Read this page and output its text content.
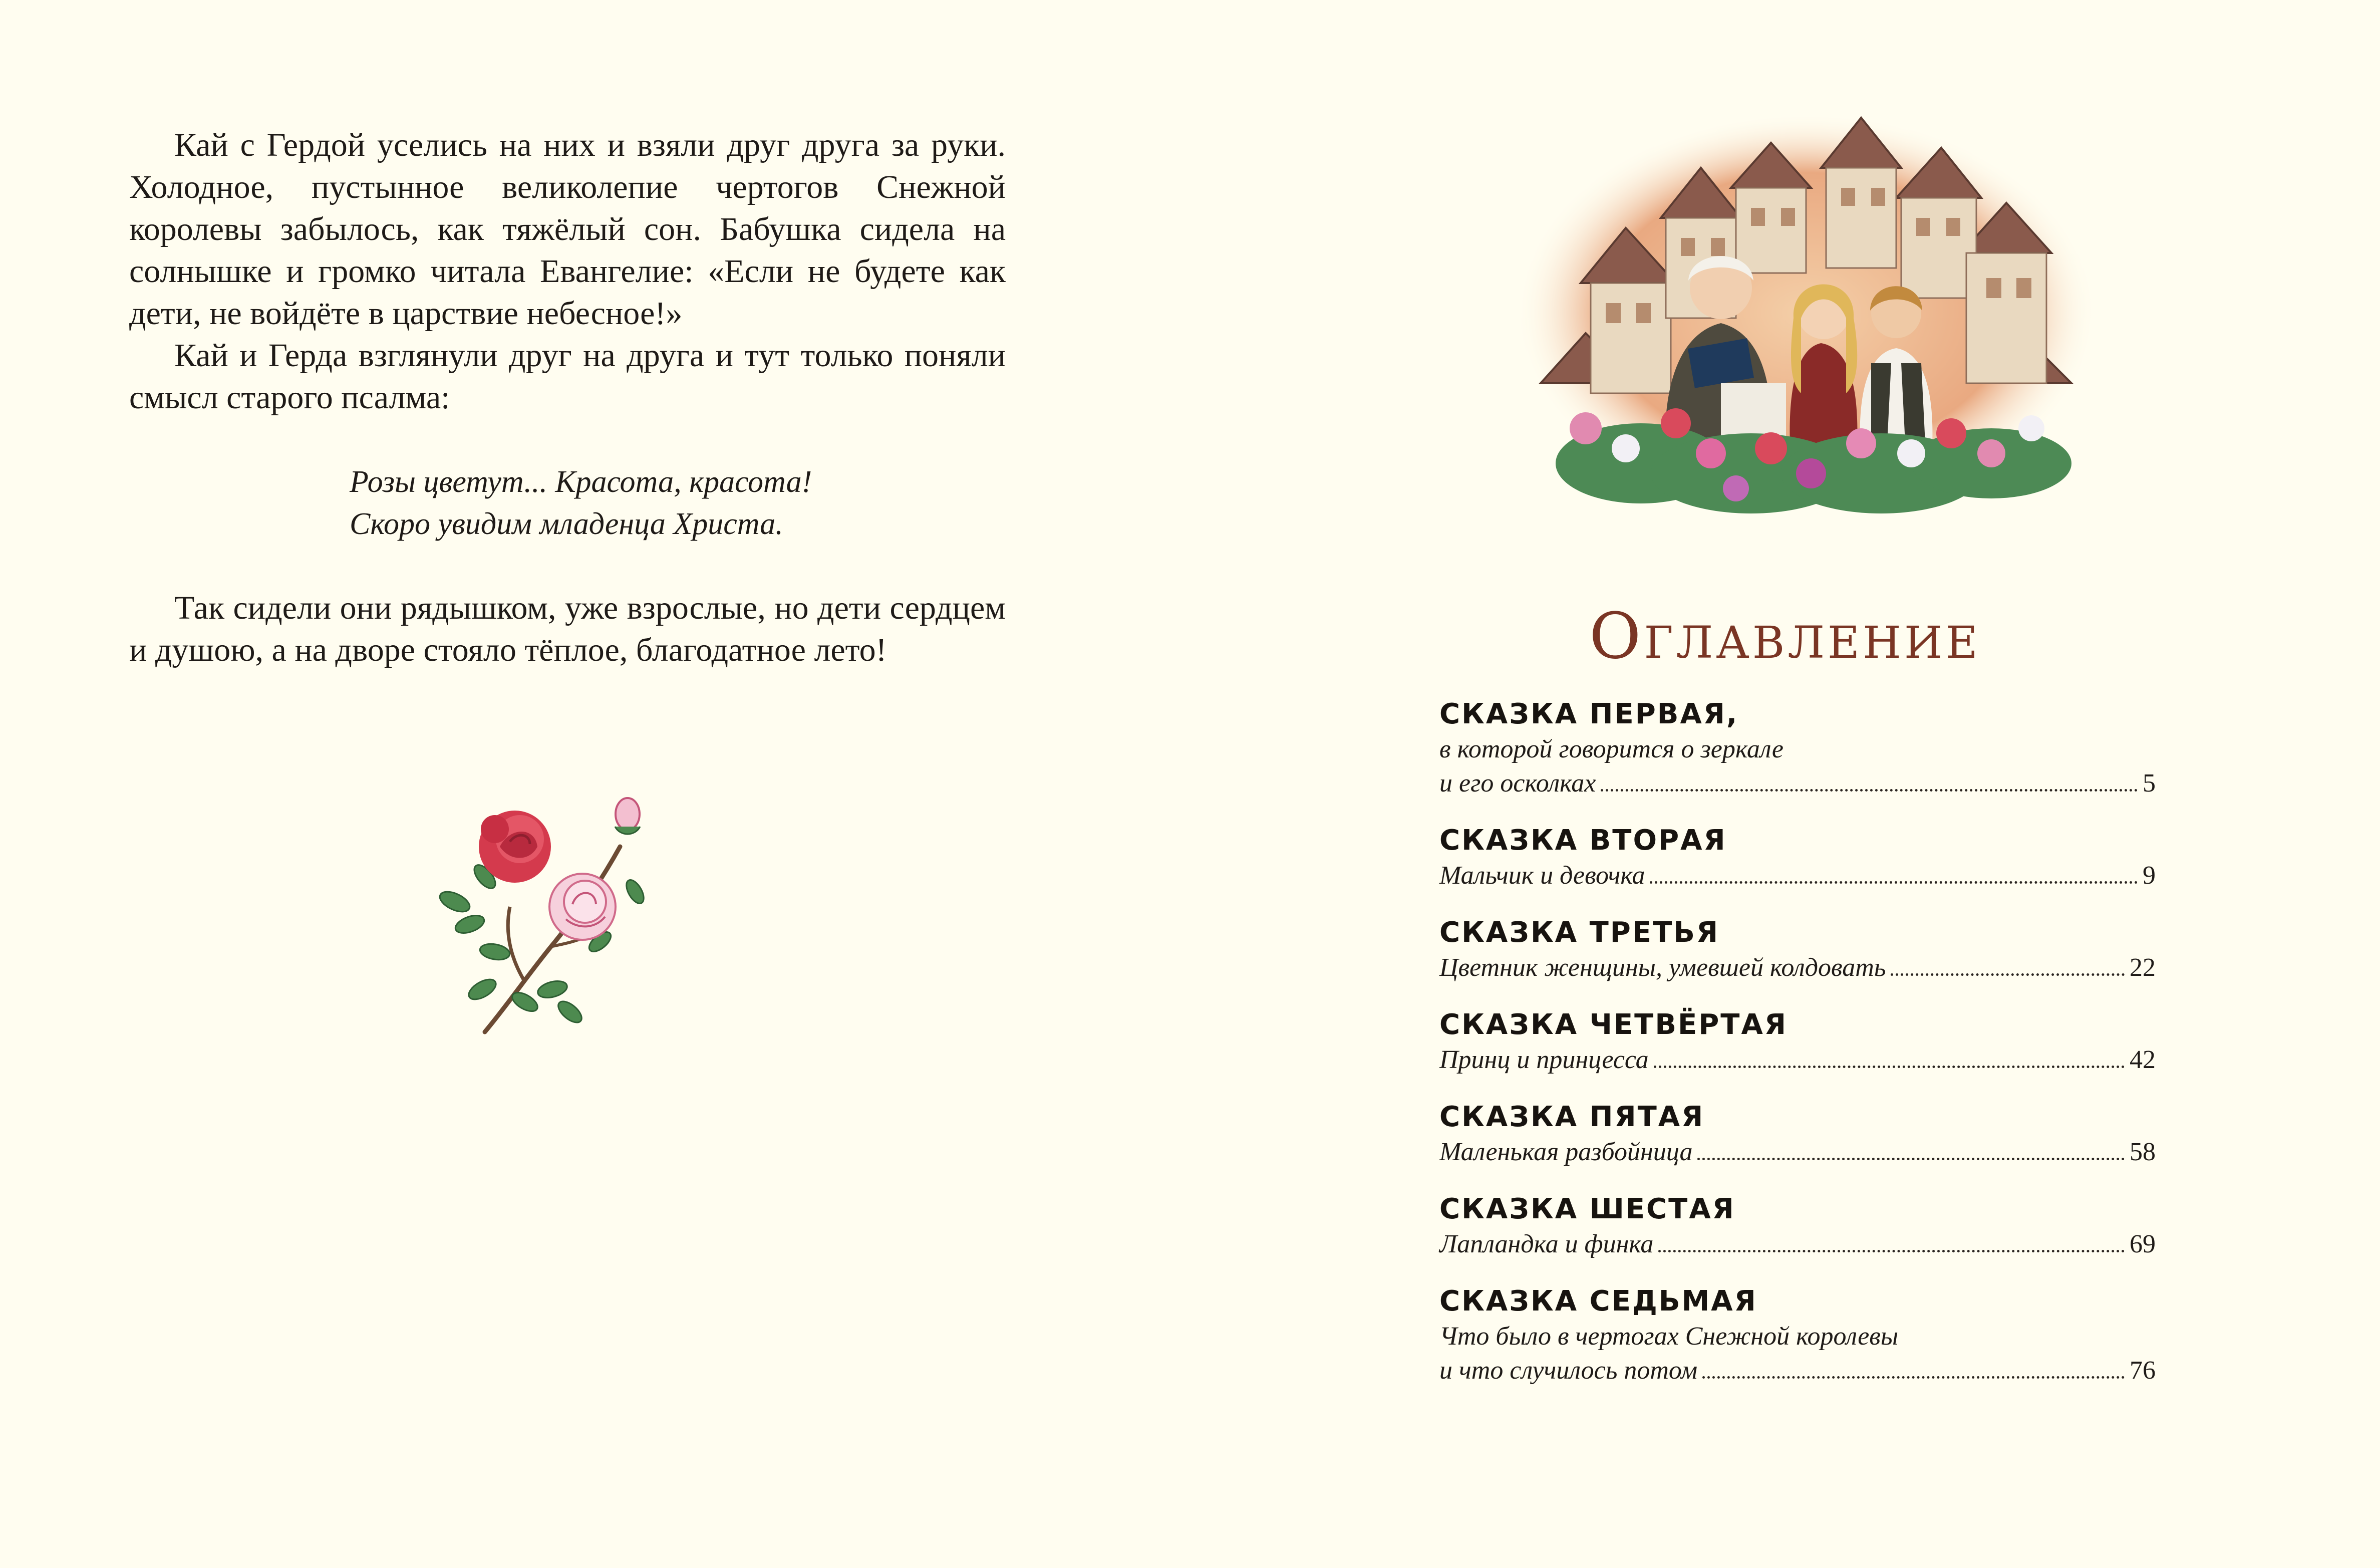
Кай с Гердой уселись на них и взяли друг друга за руки. Холодное, пустынное великолепие чертогов Снежной королевы забылось, как тяжёлый сон. Бабушка сидела на солнышке и громко читала Евангелие: «Если не будете как дети, не войдёте в царствие небесное!»

Кай и Герда взглянули друг на друга и тут только поняли смысл старого псалма:

Розы цветут... Красота, красота!
Скоро увидим младенца Христа.

Так сидели они рядышком, уже взрослые, но дети сердцем и душою, а на дворе стояло тёплое, благодатное лето!	Оглавление
СКАЗКА ПЕРВАЯ,
в которой говорится о зеркале
и его осколках	5
СКАЗКА ВТОРАЯ
Мальчик и девочка	9
СКАЗКА ТРЕТЬЯ
Цветник женщины, умевшей колдовать	22
СКАЗКА ЧЕТВЁРТАЯ
Принц и принцесса	42
СКАЗКА ПЯТАЯ
Маленькая разбойница	58
СКАЗКА ШЕСТАЯ
Лапландка и финка	69
СКАЗКА СЕДЬМАЯ
Что было в чертогах Снежной королевы
и что случилось потом	76
